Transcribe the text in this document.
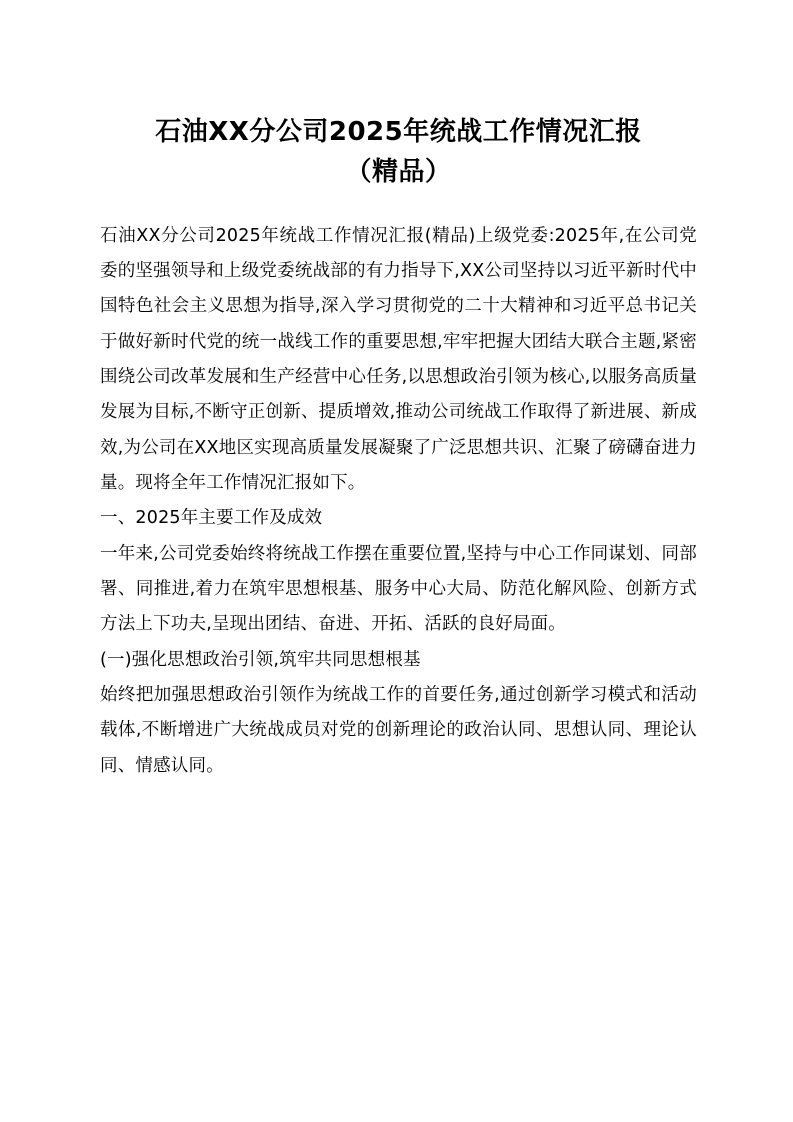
石油XX分公司2025年统战工作情况汇报
（精品）

石油XX分公司2025年统战工作情况汇报(精品)上级党委:2025年,在公司党委的坚强领导和上级党委统战部的有力指导下,XX公司坚持以习近平新时代中国特色社会主义思想为指导,深入学习贯彻党的二十大精神和习近平总书记关于做好新时代党的统一战线工作的重要思想,牢牢把握大团结大联合主题,紧密围绕公司改革发展和生产经营中心任务,以思想政治引领为核心,以服务高质量发展为目标,不断守正创新、提质增效,推动公司统战工作取得了新进展、新成效,为公司在XX地区实现高质量发展凝聚了广泛思想共识、汇聚了磅礴奋进力量。现将全年工作情况汇报如下。

一、2025年主要工作及成效

一年来,公司党委始终将统战工作摆在重要位置,坚持与中心工作同谋划、同部署、同推进,着力在筑牢思想根基、服务中心大局、防范化解风险、创新方式方法上下功夫,呈现出团结、奋进、开拓、活跃的良好局面。

(一)强化思想政治引领,筑牢共同思想根基

始终把加强思想政治引领作为统战工作的首要任务,通过创新学习模式和活动载体,不断增进广大统战成员对党的创新理论的政治认同、思想认同、理论认同、情感认同。
